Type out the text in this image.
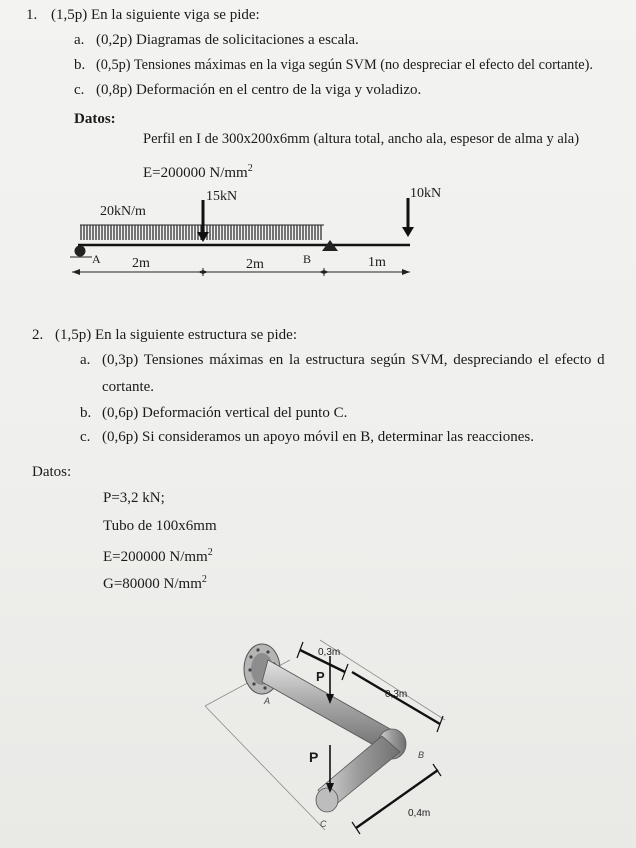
1. (1,5p) En la siguiente viga se pide:
a. (0,2p) Diagramas de solicitaciones a escala.
b. (0,5p) Tensiones máximas en la viga según SVM (no despreciar el efecto del cortante).
c. (0,8p) Deformación en el centro de la viga y voladizo.
Datos:
Perfil en I de 300x200x6mm (altura total, ancho ala, espesor de alma y ala)
E=200000 $N/mm^2$
20kN/m
15kN	10kN
A	B
2m	2m	1m
2. (1,5p) En la siguiente estructura se pide:
a. (0,3p) Tensiones máximas en la estructura según SVM, despreciando el efecto d
cortante.
b. (0,6p) Deformación vertical del punto C.
c. (0,6p) Si consideramos un apoyo móvil en B, determinar las reacciones.
Datos:
P=3,2 kN;
Tubo de 100x6mm
E=200000 $N/mm^2$
G=80000 $N/mm^2$
0,3m
P
0,3m
A
P	B
0,4m
C
